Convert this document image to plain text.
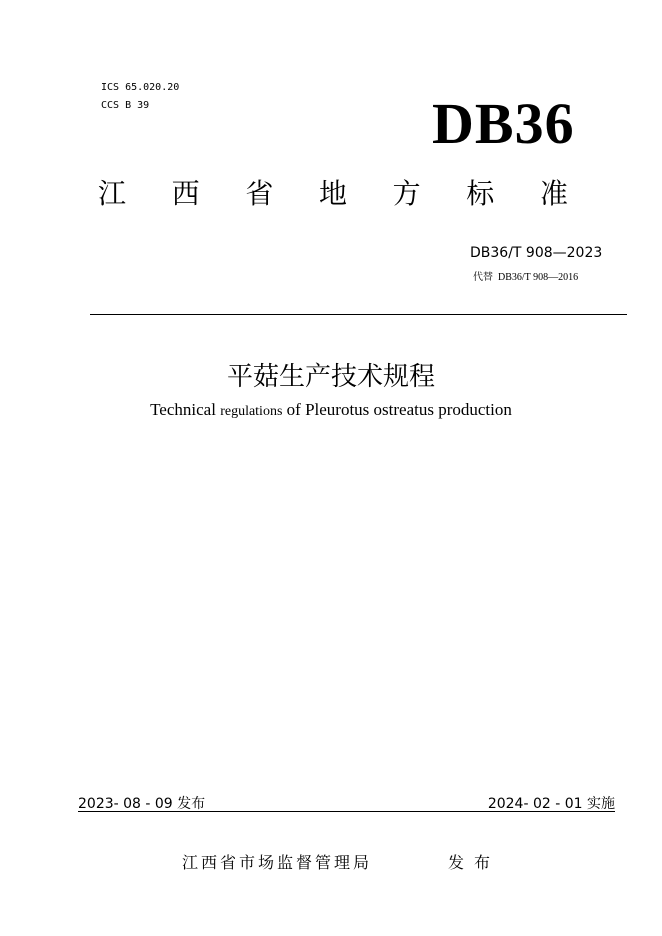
ICS 65.020.20
CCS B 39	DB36
江 西 省 地 方 标 准
DB36/T 908—2023
代替 DB36/T 908—2016
平菇生产技术规程
Technical regulations of Pleurotus ostreatus production
2023- 08 - 09 发布	2024- 02 - 01 实施
江西省市场监督管理局	发布
